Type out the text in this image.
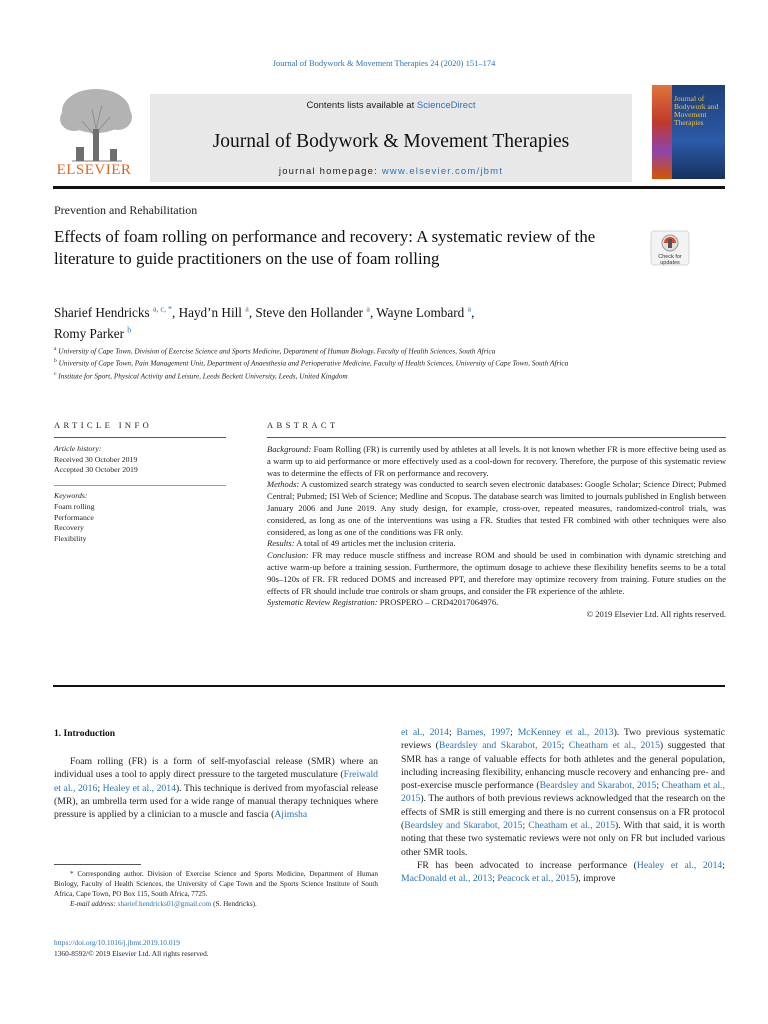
Journal of Bodywork & Movement Therapies 24 (2020) 151–174
ELSEVIER
Contents lists available at ScienceDirect
Journal of Bodywork & Movement Therapies
journal homepage: www.elsevier.com/jbmt
Journal of Bodywork and Movement Therapies
Prevention and Rehabilitation
Effects of foam rolling on performance and recovery: A systematic review of the literature to guide practitioners on the use of foam rolling	Check for updates
Sharief Hendricks $^{a, c, *}$, Hayd’n Hill $^a$, Steve den Hollander $^a$, Wayne Lombard $^a$,
Romy Parker $^b$
$^a$ University of Cape Town, Division of Exercise Science and Sports Medicine, Department of Human Biology, Faculty of Health Sciences, South Africa
$^b$ University of Cape Town, Pain Management Unit, Department of Anaesthesia and Perioperative Medicine, Faculty of Health Sciences, University of Cape Town, South Africa
$^c$ Institute for Sport, Physical Activity and Leisure, Leeds Beckett University, Leeds, United Kingdom
ARTICLE INFO	ABSTRACT
Article history:
Received 30 October 2019
Accepted 30 October 2019
Keywords:
Foam rolling
Performance
Recovery
Flexibility

Background: Foam Rolling (FR) is currently used by athletes at all levels. It is not known whether FR is more effective being used as a warm up to aid performance or more effectively used as a cool-down for recovery. Therefore, the purpose of this systematic review was to determine the effects of FR on performance and recovery.

Methods: A customized search strategy was conducted to search seven electronic databases: Google Scholar; Science Direct; Pubmed Central; Pubmed; ISI Web of Science; Medline and Scopus. The database search was limited to journals published in English between January 2006 and June 2019. Any study design, for example, cross-over, repeated measures, randomized-control trials, was considered, as long as one of the interventions was using a FR. Studies that tested FR combined with other techniques were also considered, as long as one of the conditions was FR only.

Results: A total of 49 articles met the inclusion criteria.

Conclusion: FR may reduce muscle stiffness and increase ROM and should be used in combination with dynamic stretching and active warm-up before a training session. Furthermore, the optimum dosage to achieve these flexibility benefits seems to be a total 90s–120s of FR. FR reduced DOMS and increased PPT, and therefore may optimize recovery from training. Future studies on the effects of FR should include true controls or sham groups, and consider the FR experience of the athlete.

Systematic Review Registration: PROSPERO – CRD42017064976.

© 2019 Elsevier Ltd. All rights reserved.

1. Introduction

Foam rolling (FR) is a form of self-myofascial release (SMR) where an individual uses a tool to apply direct pressure to the targeted musculature (Freiwald et al., 2016; Healey et al., 2014). This technique is derived from myofascial release (MR), an umbrella term used for a wide range of manual therapy techniques where pressure is applied by a clinician to a muscle and fascia (Ajimsha

et al., 2014; Barnes, 1997; McKenney et al., 2013). Two previous systematic reviews (Beardsley and Skarabot, 2015; Cheatham et al., 2015) suggested that SMR has a range of valuable effects for both athletes and the general population, including increasing flexibility, enhancing muscle recovery and enhancing pre- and post-exercise muscle performance (Beardsley and Skarabot, 2015; Cheatham et al., 2015). The authors of both previous reviews acknowledged that the research on the effects of SMR is still emerging and there is no current consensus on a FR protocol (Beardsley and Skarabot, 2015; Cheatham et al., 2015). With that said, it is worth noting that these two systematic reviews were not only on FR but included various other SMR tools.

FR has been advocated to increase performance (Healey et al., 2014; MacDonald et al., 2013; Peacock et al., 2015), improve

* Corresponding author. Division of Exercise Science and Sports Medicine, Department of Human Biology, Faculty of Health Sciences, the University of Cape Town and the Sports Science Institute of South Africa, Cape Town, PO Box 115, South Africa, 7725.

E-mail address: sharief.hendricks01@gmail.com (S. Hendricks).

https://doi.org/10.1016/j.jbmt.2019.10.019
1360-8592/© 2019 Elsevier Ltd. All rights reserved.
